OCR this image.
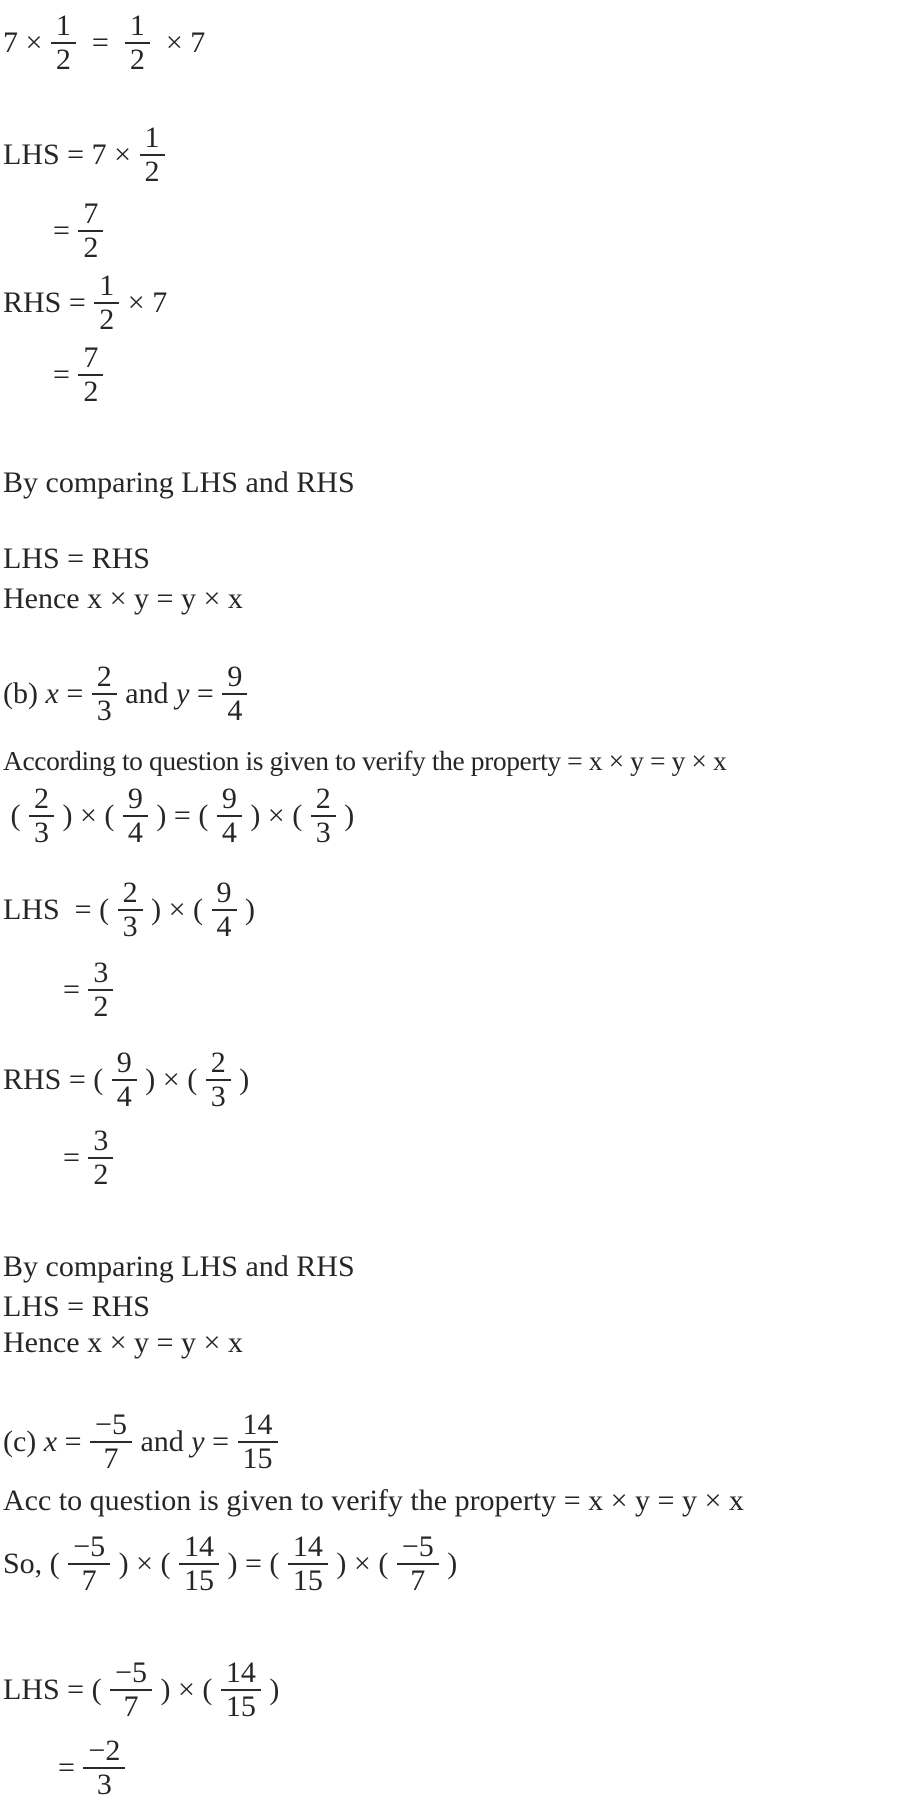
$7 \times \frac{1}{2} = \frac{1}{2} \times 7$
LHS = $7 \times \frac{1}{2}$
= $\frac{7}{2}$
RHS = $\frac{1}{2} \times 7$
= $\frac{7}{2}$
By comparing LHS and RHS
LHS = RHS
Hence x × y = y × x
(b) $x = \frac{2}{3}$ and $y = \frac{9}{4}$
According to question is given to verify the property = x × y = y × x
( $\frac{2}{3}$ ) × ( $\frac{9}{4}$ ) = ( $\frac{9}{4}$ ) × ( $\frac{2}{3}$ )
LHS  = ( $\frac{2}{3}$ ) × ( $\frac{9}{4}$ )
= $\frac{3}{2}$
RHS = ( $\frac{9}{4}$ ) × ( $\frac{2}{3}$ )
= $\frac{3}{2}$
By comparing LHS and RHS
LHS = RHS
Hence x × y = y × x
(c) $x = \frac{-5}{7}$ and $y = \frac{14}{15}$
Acc to question is given to verify the property = x × y = y × x
So, ( $\frac{-5}{7}$ ) × ( $\frac{14}{15}$ ) = ( $\frac{14}{15}$ ) × ( $\frac{-5}{7}$ )
LHS = ( $\frac{-5}{7}$ ) × ( $\frac{14}{15}$ )
= $\frac{-2}{3}$
